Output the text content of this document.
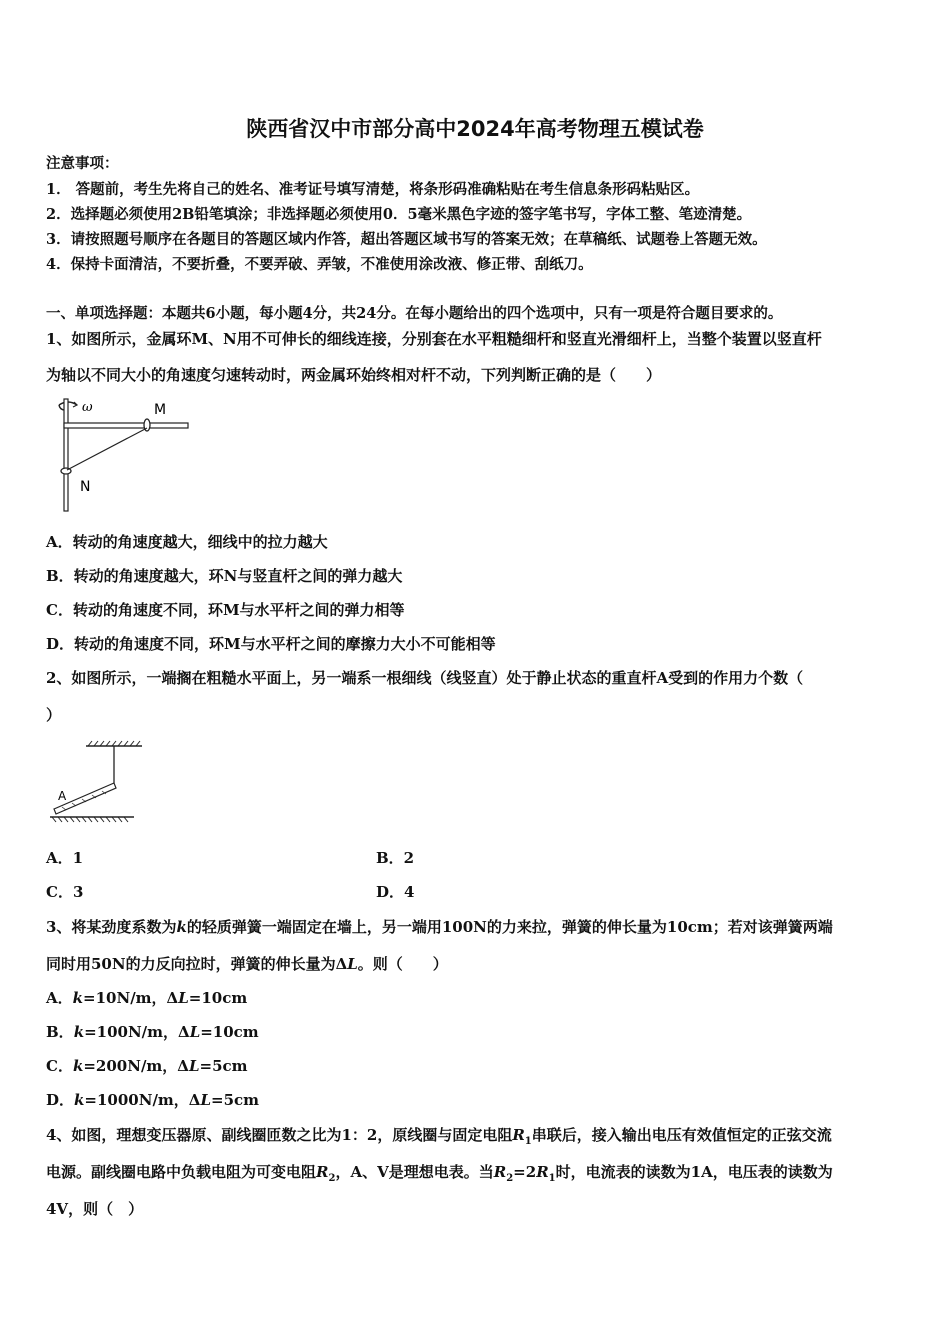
陕西省汉中市部分高中2024年高考物理五模试卷
注意事项：
1． 答题前，考生先将自己的姓名、准考证号填写清楚，将条形码准确粘贴在考生信息条形码粘贴区。
2．选择题必须使用2B铅笔填涂；非选择题必须使用0．5毫米黑色字迹的签字笔书写，字体工整、笔迹清楚。
3．请按照题号顺序在各题目的答题区域内作答，超出答题区域书写的答案无效；在草稿纸、试题卷上答题无效。
4．保持卡面清洁，不要折叠，不要弄破、弄皱，不准使用涂改液、修正带、刮纸刀。
一、单项选择题：本题共6小题，每小题4分，共24分。在每小题给出的四个选项中，只有一项是符合题目要求的。
1、如图所示，金属环M、N用不可伸长的细线连接，分别套在水平粗糙细杆和竖直光滑细杆上，当整个装置以竖直杆
为轴以不同大小的角速度匀速转动时，两金属环始终相对杆不动，下列判断正确的是（　　）
ω	M
N
A．转动的角速度越大，细线中的拉力越大
B．转动的角速度越大，环N与竖直杆之间的弹力越大
C．转动的角速度不同，环M与水平杆之间的弹力相等
D．转动的角速度不同，环M与水平杆之间的摩擦力大小不可能相等
2、如图所示，一端搁在粗糙水平面上，另一端系一根细线（线竖直）处于静止状态的重直杆A受到的作用力个数（
）
A
A．1	B．2
C．3	D．4
3、将某劲度系数为k的轻质弹簧一端固定在墙上，另一端用100N的力来拉，弹簧的伸长量为10cm；若对该弹簧两端
同时用50N的力反向拉时，弹簧的伸长量为ΔL。则（　　）
A．k=10N/m，ΔL=10cm
B．k=100N/m，ΔL=10cm
C．k=200N/m，ΔL=5cm
D．k=1000N/m，ΔL=5cm
4、如图，理想变压器原、副线圈匝数之比为1：2，原线圈与固定电阻$R_1$串联后，接入输出电压有效值恒定的正弦交流
电源。副线圈电路中负载电阻为可变电阻$R_2$，A、V是理想电表。当$R_2=2R_1$时，电流表的读数为1A，电压表的读数为
4V，则（　）
